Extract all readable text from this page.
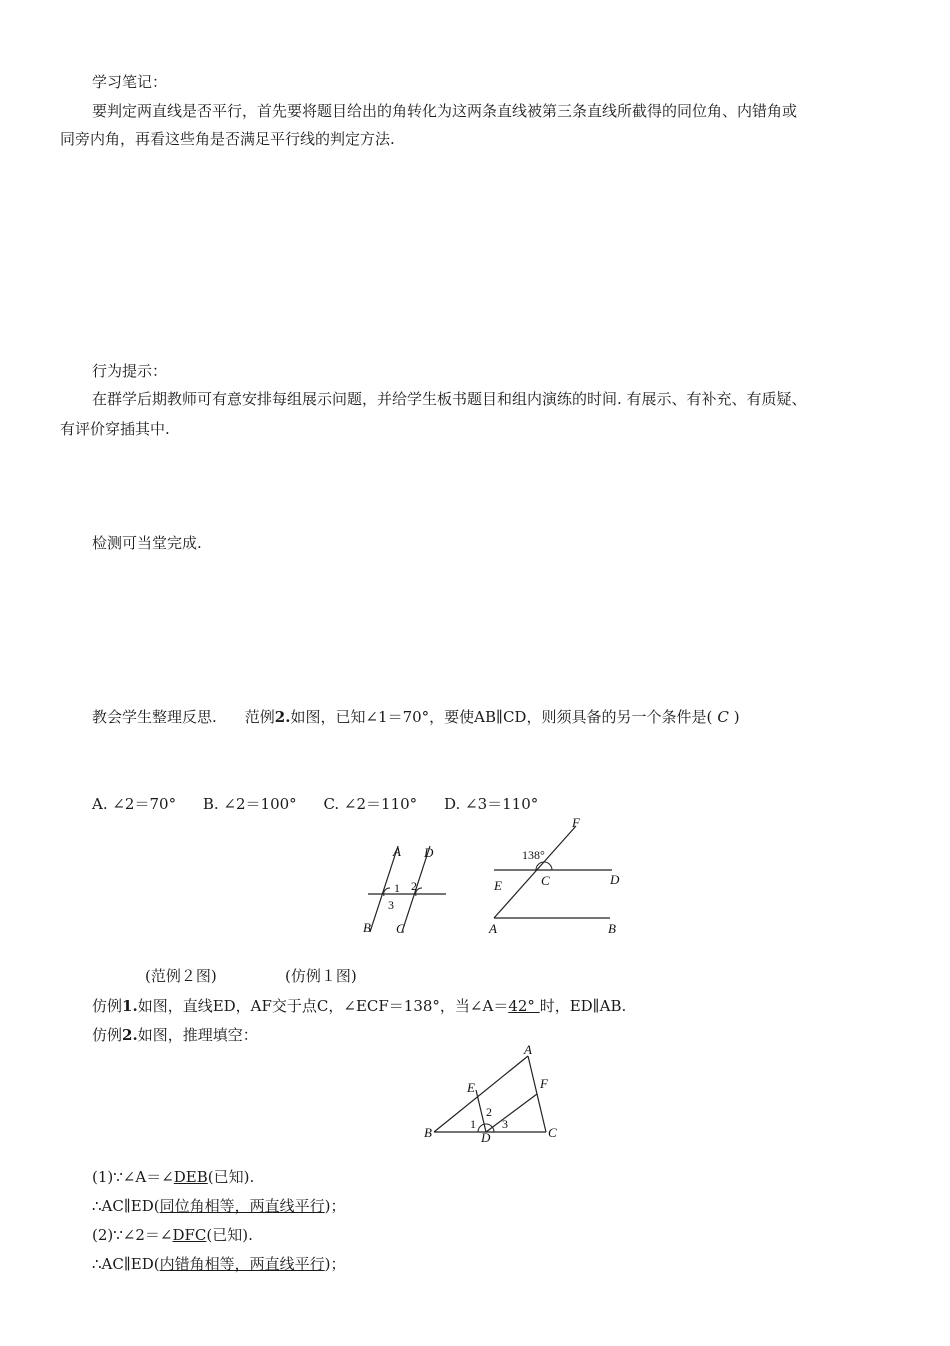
学习笔记：
要判定两直线是否平行，首先要将题目给出的角转化为这两条直线被第三条直线所截得的同位角、内错角或
同旁内角，再看这些角是否满足平行线的判定方法.
行为提示：
在群学后期教师可有意安排每组展示问题，并给学生板书题目和组内演练的时间. 有展示、有补充、有质疑、
有评价穿插其中.
检测可当堂完成.
教会学生整理反思. 范例2.如图，已知∠1＝70°，要使AB∥CD，则须具备的另一个条件是( C )
A. ∠2＝70° B. ∠2＝100° C. ∠2＝110° D. ∠3＝110°
A D
1 2
3
B C
F
138°
E	C	D
A	B
(范例２图)	(仿例１图)
仿例1.如图，直线ED，AF交于点C，∠ECF＝138°，当∠A＝42° 时，ED∥AB.
仿例2.如图，推理填空：
A
E	F
2
1 3
B	D	C
(1)∵∠A＝∠DEB(已知).
∴AC∥ED(同位角相等，两直线平行)；
(2)∵∠2＝∠DFC(已知).
∴AC∥ED(内错角相等，两直线平行)；
